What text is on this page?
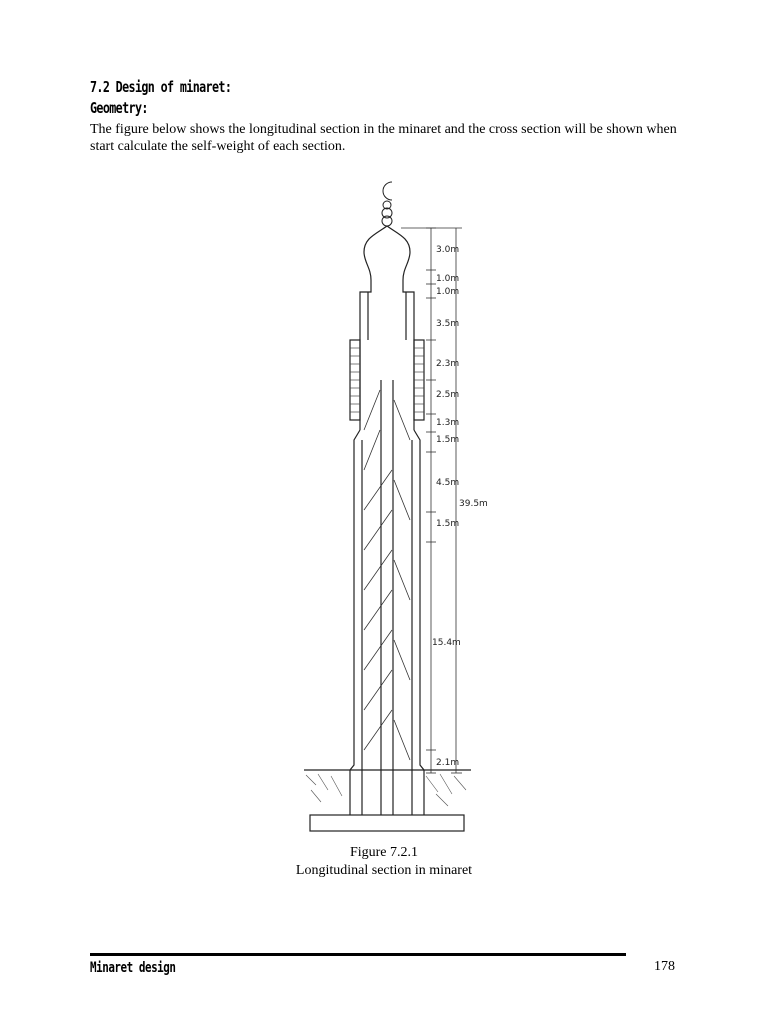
7.2 Design of minaret:
Geometry:
The figure below shows the longitudinal section in the minaret and the cross section will be shown when start calculate the self-weight of each section.
3.0m
1.0m
1.0m
3.5m
2.3m
2.5m
1.3m
1.5m
4.5m
1.5m
15.4m
2.1m
39.5m
Figure 7.2.1
Longitudinal section in minaret
Minaret design	178
